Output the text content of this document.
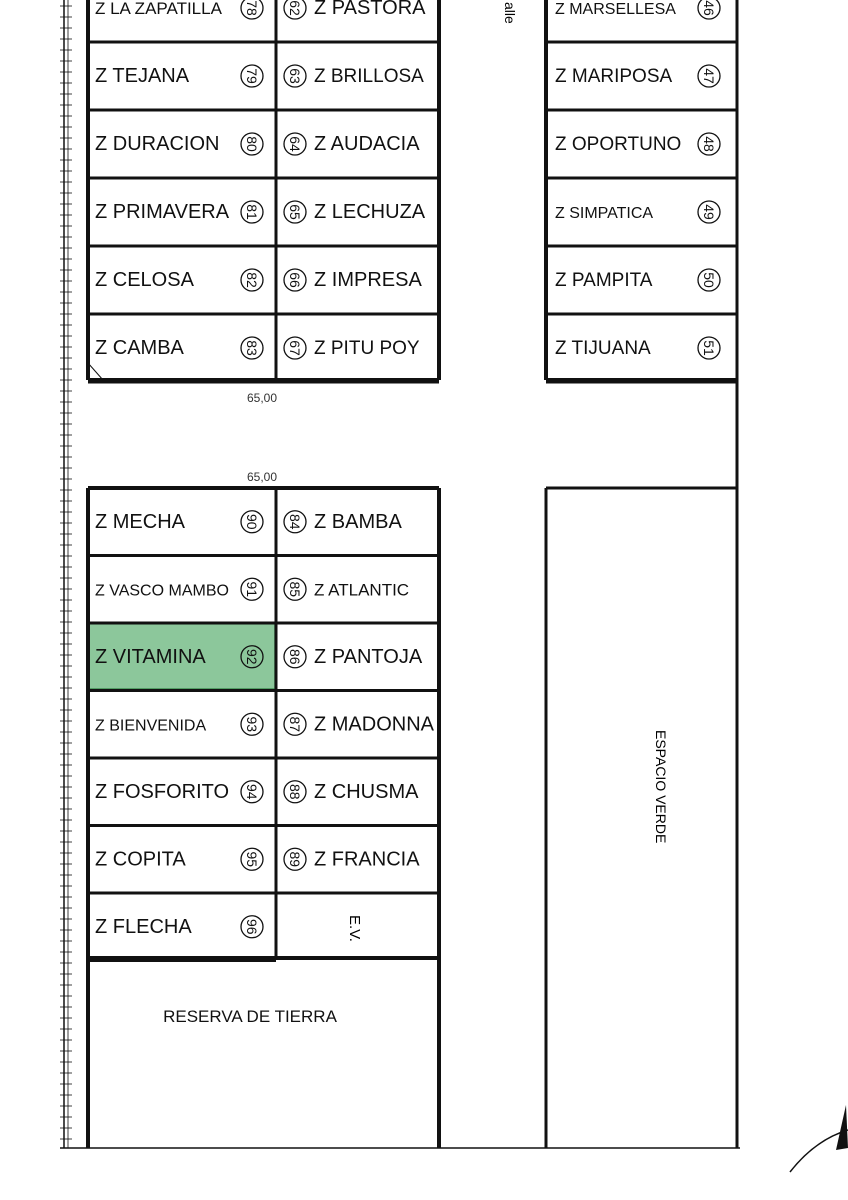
alle
65,00
65,00
ESPACIO VERDE
E.V.
RESERVA DE TIERRA
78
Z LA ZAPATILLA
79
Z TEJANA
80
Z DURACION
81
Z PRIMAVERA
82
Z CELOSA
83
Z CAMBA
62 Z PASTORA
63 Z BRILLOSA
64 Z AUDACIA
65 Z LECHUZA
66 Z IMPRESA
67 Z PITU POY
46
Z MARSELLESA
47
Z MARIPOSA
48
Z OPORTUNO
49
Z SIMPATICA
50
Z PAMPITA
51
Z TIJUANA
90
Z MECHA
91
Z VASCO MAMBO
92
Z VITAMINA
93
Z BIENVENIDA
94
Z FOSFORITO
95
Z COPITA
96
Z FLECHA
84 Z BAMBA
85 Z ATLANTIC
86 Z PANTOJA
87 Z MADONNA
88 Z CHUSMA
89 Z FRANCIA
